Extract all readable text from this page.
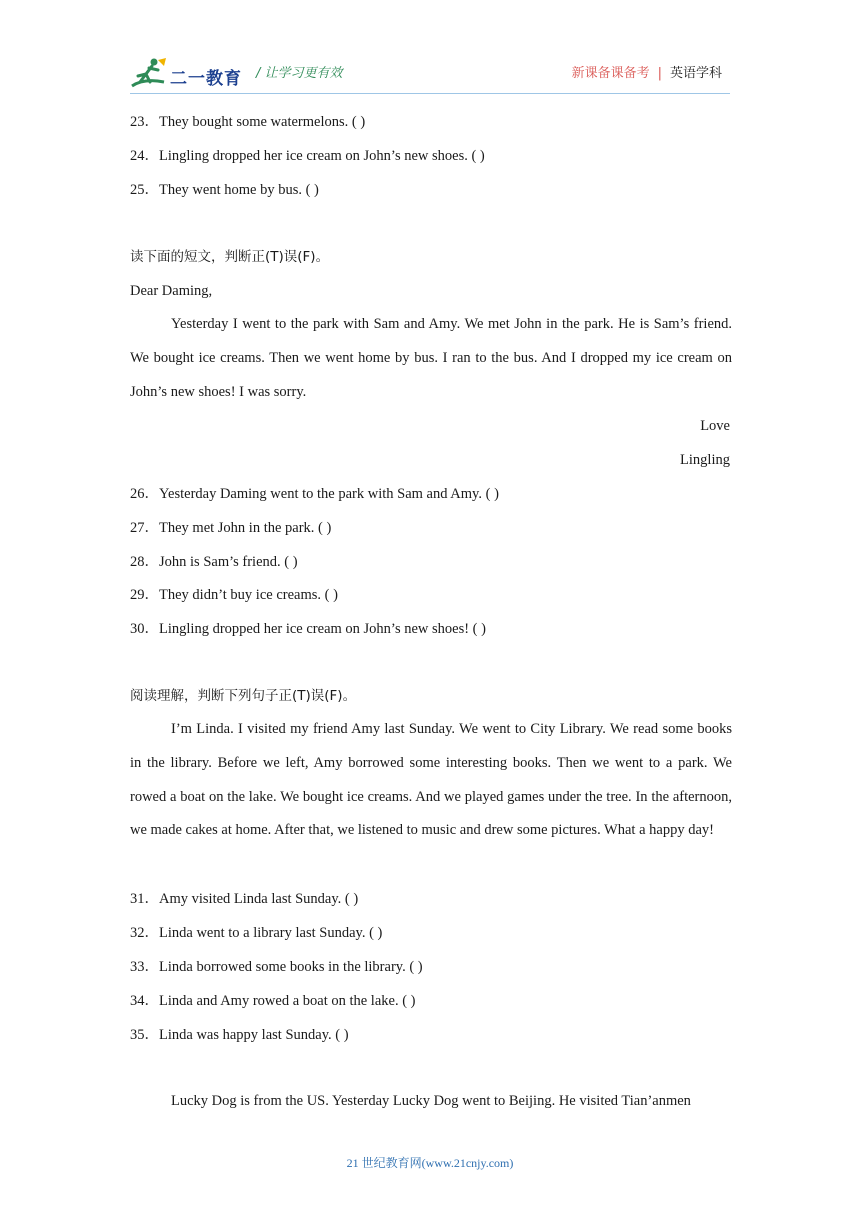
二一教育 / 让学习更有效	新课备课备考 | 英语学科
23．They bought some watermelons. ( )
24．Lingling dropped her ice cream on John’s new shoes. ( )
25．They went home by bus. ( )
读下面的短文，判断正(T)误(F)。
Dear Daming,

Yesterday I went to the park with Sam and Amy. We met John in the park. He is Sam’s friend. We bought ice creams. Then we went home by bus. I ran to the bus. And I dropped my ice cream on John’s new shoes! I was sorry.

Love
Lingling
26．Yesterday Daming went to the park with Sam and Amy. ( )
27．They met John in the park. ( )
28．John is Sam’s friend. ( )
29．They didn’t buy ice creams. ( )
30．Lingling dropped her ice cream on John’s new shoes! ( )
阅读理解，判断下列句子正(T)误(F)。

I’m Linda. I visited my friend Amy last Sunday. We went to City Library. We read some books in the library. Before we left, Amy borrowed some interesting books. Then we went to a park. We rowed a boat on the lake. We bought ice creams. And we played games under the tree. In the afternoon, we made cakes at home. After that, we listened to music and drew some pictures. What a happy day!

31．Amy visited Linda last Sunday. ( )
32．Linda went to a library last Sunday. ( )
33．Linda borrowed some books in the library. ( )
34．Linda and Amy rowed a boat on the lake. ( )
35．Linda was happy last Sunday. ( )

Lucky Dog is from the US. Yesterday Lucky Dog went to Beijing. He visited Tian’anmen

21 世纪教育网(www.21cnjy.com)
